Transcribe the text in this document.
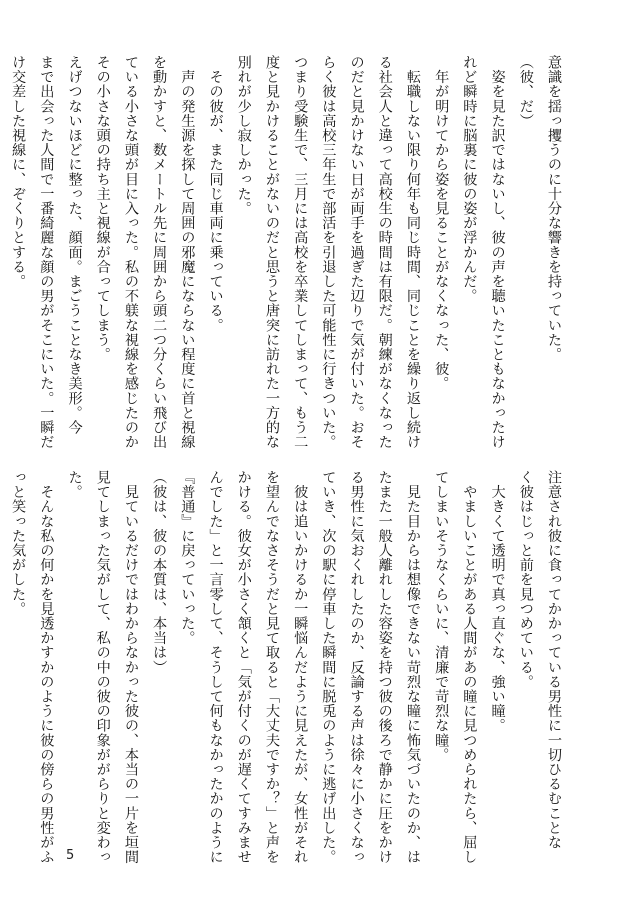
意識を揺っ攫うのに十分な響きを持っていた。
（彼、だ）
　姿を見た訳ではないし、彼の声を聴いたこともなかったけ
れど瞬時に脳裏に彼の姿が浮かんだ。
　年が明けてから姿を見ることがなくなった、彼。
　転職しない限り何年も同じ時間、同じことを繰り返し続け
る社会人と違って高校生の時間は有限だ。朝練がなくなった
のだと見かけない日が両手を過ぎた辺りで気が付いた。おそ
らく彼は高校三年生で部活を引退した可能性に行きついた。
つまり受験生で、三月には高校を卒業してしまって、もう二
度と見かけることがないのだと思うと唐突に訪れた一方的な
別れが少し寂しかった。
　その彼が、また同じ車両に乗っている。
　声の発生源を探して周囲の邪魔にならない程度に首と視線
を動かすと、数メートル先に周囲から頭二つ分くらい飛び出
ている小さな頭が目に入った。私の不躾な視線を感じたのか
その小さな頭の持ち主と視線が合ってしまう。
えげつないほどに整った、顔面。まごうことなき美形。今
まで出会った人間で一番綺麗な顔の男がそこにいた。一瞬だ
け交差した視線に、ぞくりとする。
注意され彼に食ってかかっている男性に一切ひるむことな
く彼はじっと前を見つめている。
　大きくて透明で真っ直ぐな、強い瞳。
　やましいことがある人間があの瞳に見つめられたら、屈し
てしまいそうなくらいに、清廉で苛烈な瞳。
　見た目からは想像できない苛烈な瞳に怖気づいたのか、は
たまた一般人離れした容姿を持つ彼の後ろで静かに圧をかけ
る男性に気おくれしたのか、反論する声は徐々に小さくなっ
ていき、次の駅に停車した瞬間に脱兎のように逃げ出した。
　彼は追いかけるか一瞬悩んだように見えたが、女性がそれ
を望んでなさそうだと見て取ると「大丈夫ですか？」と声を
かける。彼女が小さく頷くと「気が付くのが遅くてすみませ
んでした」と一言零して、そうして何もなかったかのように
『普通』に戻っていった。
（彼は、彼の本質は、本当は）
　見ているだけではわからなかった彼の、本当の一片を垣間
見てしまった気がして、私の中の彼の印象ががらりと変わっ
た。
　そんな私の何かを見透かすかのように彼の傍らの男性がふ
っと笑った気がした。
5
